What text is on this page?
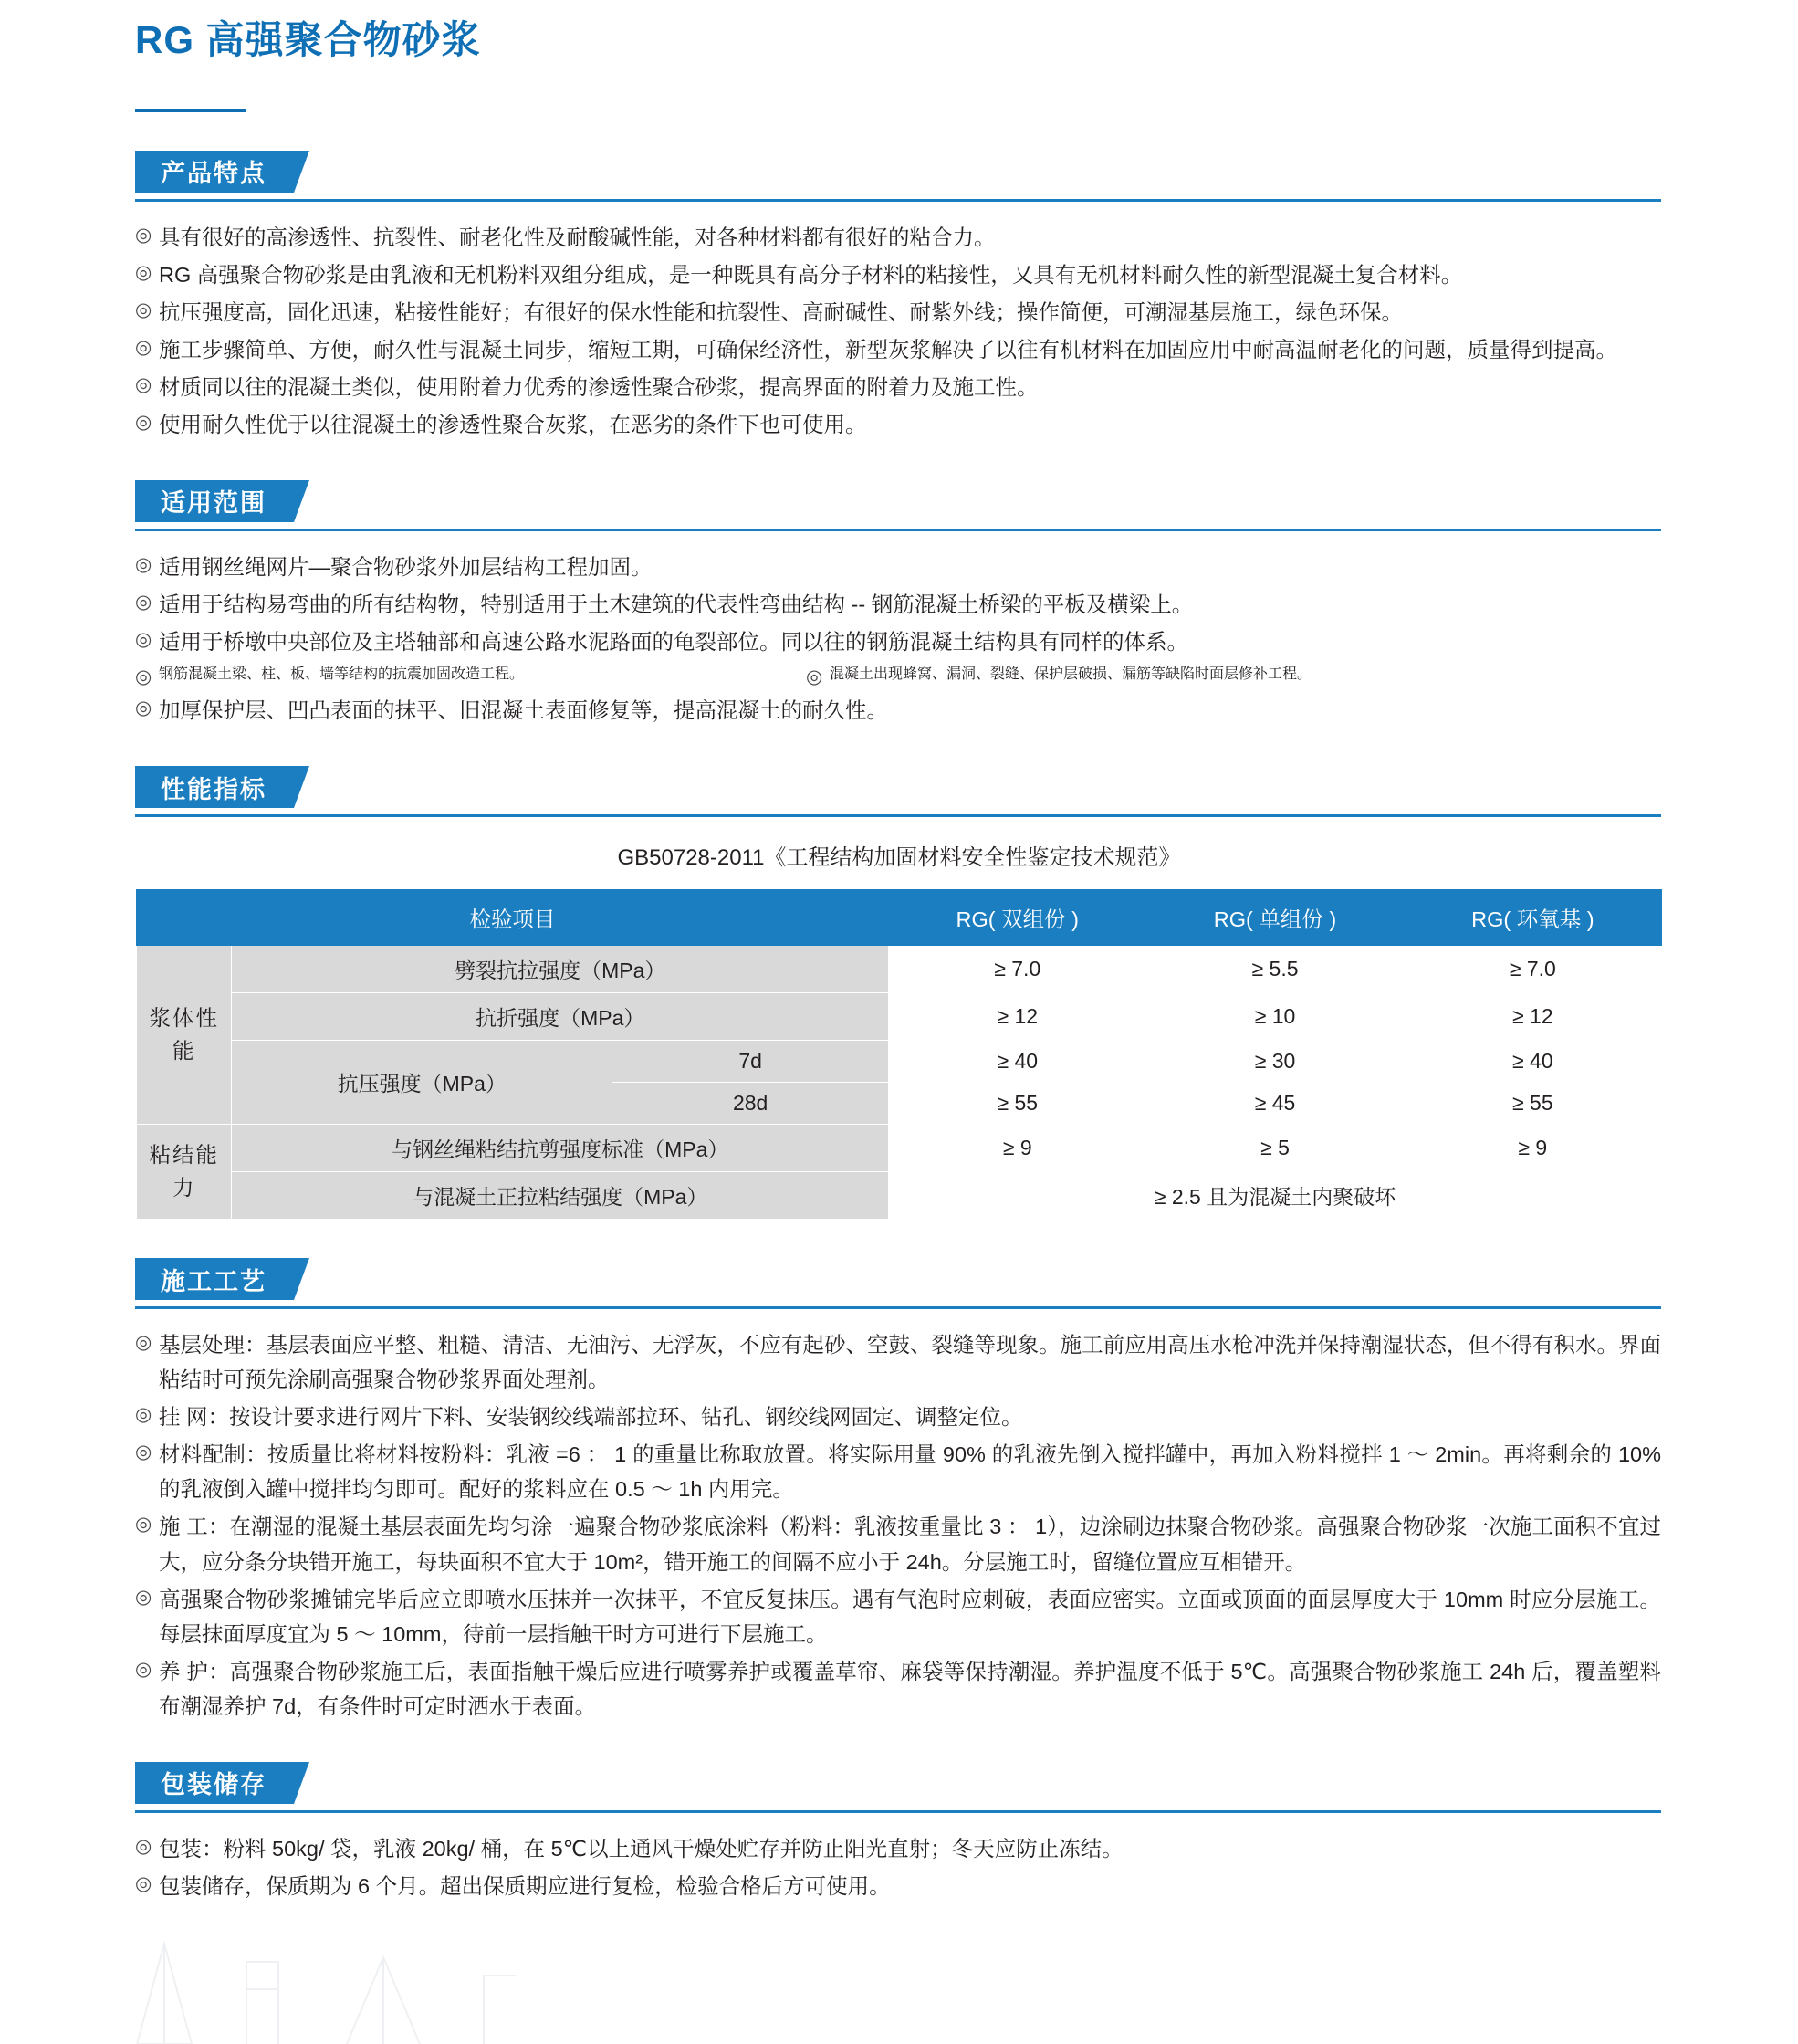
RG 高强聚合物砂浆
产品特点
◎ 具有很好的高渗透性、抗裂性、耐老化性及耐酸碱性能，对各种材料都有很好的粘合力。
◎ RG 高强聚合物砂浆是由乳液和无机粉料双组分组成，是一种既具有高分子材料的粘接性，又具有无机材料耐久性的新型混凝土复合材料。
◎ 抗压强度高，固化迅速，粘接性能好；有很好的保水性能和抗裂性、高耐碱性、耐紫外线；操作简便，可潮湿基层施工，绿色环保。
◎ 施工步骤简单、方便，耐久性与混凝土同步，缩短工期，可确保经济性，新型灰浆解决了以往有机材料在加固应用中耐高温耐老化的问题，质量得到提高。
◎ 材质同以往的混凝土类似，使用附着力优秀的渗透性聚合砂浆，提高界面的附着力及施工性。
◎ 使用耐久性优于以往混凝土的渗透性聚合灰浆，在恶劣的条件下也可使用。
适用范围
◎ 适用钢丝绳网片—聚合物砂浆外加层结构工程加固。
◎ 适用于结构易弯曲的所有结构物，特别适用于土木建筑的代表性弯曲结构 -- 钢筋混凝土桥梁的平板及横梁上。
◎ 适用于桥墩中央部位及主塔轴部和高速公路水泥路面的龟裂部位。同以往的钢筋混凝土结构具有同样的体系。
◎ 钢筋混凝土梁、柱、板、墙等结构的抗震加固改造工程。	◎ 混凝土出现蜂窝、漏洞、裂缝、保护层破损、漏筋等缺陷时面层修补工程。
◎ 加厚保护层、凹凸表面的抹平、旧混凝土表面修复等，提高混凝土的耐久性。
性能指标
GB50728-2011《工程结构加固材料安全性鉴定技术规范》
检验项目			RG( 双组份 )	RG( 单组份 )	RG( 环氧基 )
浆体性能	劈裂抗拉强度（MPa）		≥ 7.0	≥ 5.5	≥ 7.0
	抗折强度（MPa）		≥ 12	≥ 10	≥ 12
	抗压强度（MPa）	7d	≥ 40	≥ 30	≥ 40
		28d	≥ 55	≥ 45	≥ 55
粘结能力	与钢丝绳粘结抗剪强度标准（MPa）		≥ 9	≥ 5	≥ 9
	与混凝土正拉粘结强度（MPa）		≥ 2.5 且为混凝土内聚破坏		
施工工艺
◎ 基层处理：基层表面应平整、粗糙、清洁、无油污、无浮灰，不应有起砂、空鼓、裂缝等现象。施工前应用高压水枪冲洗并保持潮湿状态，但不得有积水。界面粘结时可预先涂刷高强聚合物砂浆界面处理剂。
◎ 挂 网：按设计要求进行网片下料、安装钢绞线端部拉环、钻孔、钢绞线网固定、调整定位。
◎ 材料配制：按质量比将材料按粉料：乳液 =6 ： 1 的重量比称取放置。将实际用量 90% 的乳液先倒入搅拌罐中，再加入粉料搅拌 1 ～ 2min。再将剩余的 10% 的乳液倒入罐中搅拌均匀即可。配好的浆料应在 0.5 ～ 1h 内用完。
◎ 施 工：在潮湿的混凝土基层表面先均匀涂一遍聚合物砂浆底涂料（粉料：乳液按重量比 3 ： 1），边涂刷边抹聚合物砂浆。高强聚合物砂浆一次施工面积不宜过大，应分条分块错开施工，每块面积不宜大于 10m²，错开施工的间隔不应小于 24h。分层施工时，留缝位置应互相错开。
◎ 高强聚合物砂浆摊铺完毕后应立即喷水压抹并一次抹平，不宜反复抹压。遇有气泡时应刺破，表面应密实。立面或顶面的面层厚度大于 10mm 时应分层施工。每层抹面厚度宜为 5 ～ 10mm，待前一层指触干时方可进行下层施工。
◎ 养 护：高强聚合物砂浆施工后，表面指触干燥后应进行喷雾养护或覆盖草帘、麻袋等保持潮湿。养护温度不低于 5℃。高强聚合物砂浆施工 24h 后，覆盖塑料布潮湿养护 7d，有条件时可定时洒水于表面。
包装储存
◎ 包装：粉料 50kg/ 袋，乳液 20kg/ 桶，在 5℃以上通风干燥处贮存并防止阳光直射；冬天应防止冻结。
◎ 包装储存，保质期为 6 个月。超出保质期应进行复检，检验合格后方可使用。
